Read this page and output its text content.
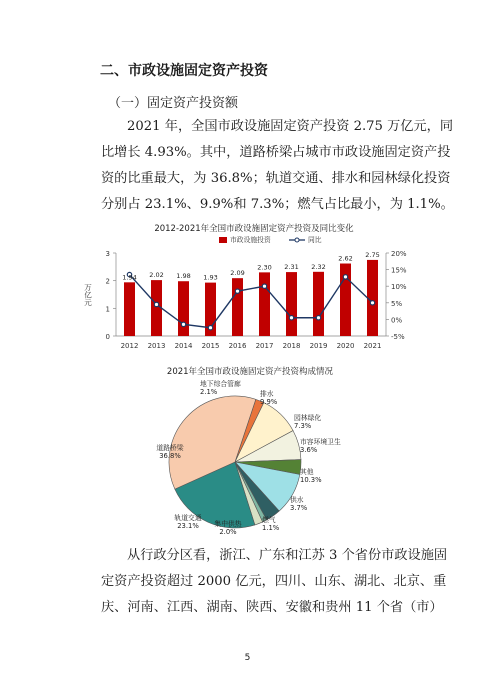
二、市政设施固定资产投资
（一）固定资产投资额
2021 年，全国市政设施固定资产投资 2.75 万亿元，同
比增长 4.93%。其中，道路桥梁占城市市政设施固定资产投
资的比重最大，为 36.8%；轨道交通、排水和园林绿化投资
分别占 23.1%、9.9%和 7.3%；燃气占比最小，为 1.1%。
2012-2021年全国市政设施固定资产投资及同比变化
市政设施投资	同比
0
1
2
3
-5%
0%
5%
10%
15%
20%
万亿元
2012 2013 2014 2015 2016 2017 2018 2019 2020 2021
1.94 2.02 1.98 1.93
2.09
2.30 2.31 2.32
2.62 2.75
2021年全国市政设施固定资产投资构成情况
地下综合管廊
2.1%	排水
9.9%
园林绿化
7.3%
市容环境卫生
3.6%
其他
10.3%
供水
3.7%
燃气
1.1%
集中供热
2.0%
轨道交通
23.1%
道路桥梁
36.8%
从行政分区看，浙江、广东和江苏 3 个省份市政设施固
定资产投资超过 2000 亿元，四川、山东、湖北、北京、重
庆、河南、江西、湖南、陕西、安徽和贵州 11 个省（市）
5
